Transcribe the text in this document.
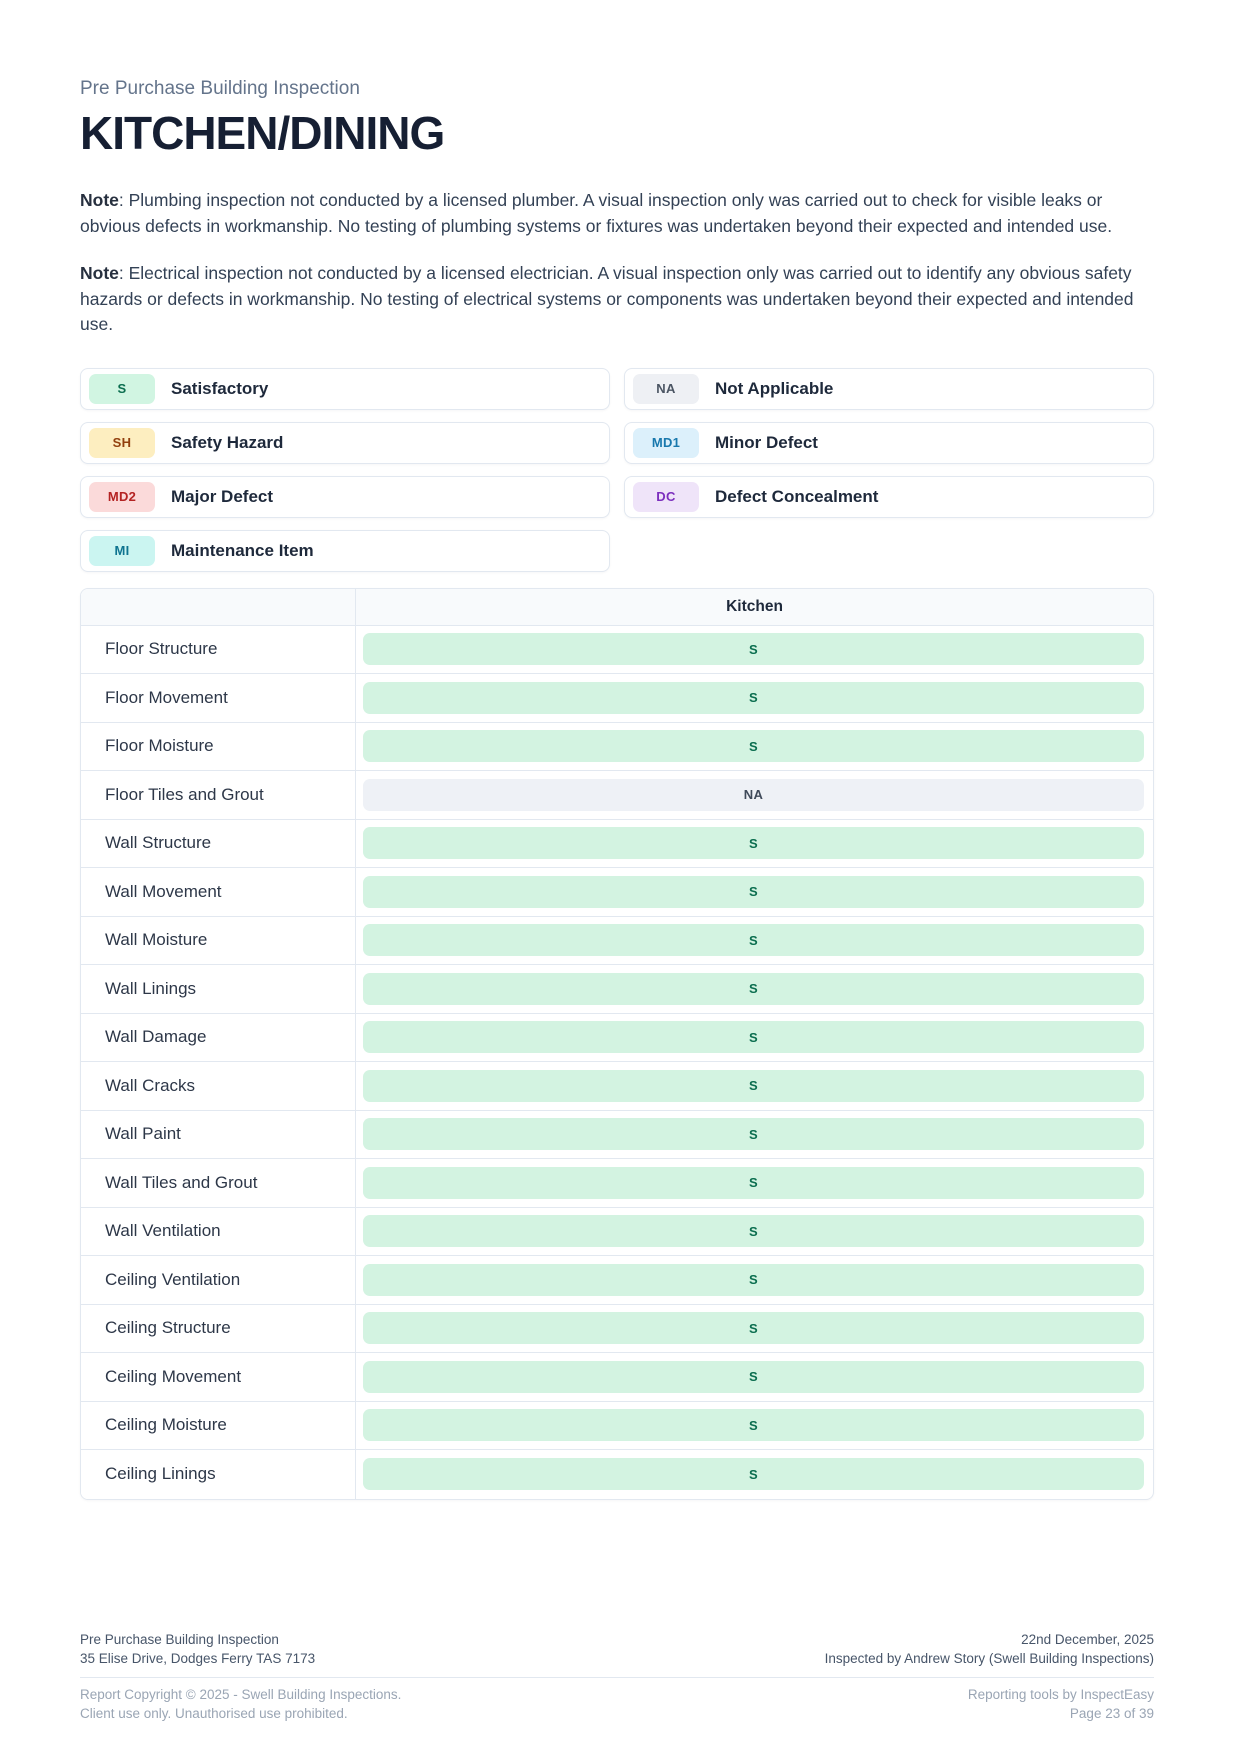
Pre Purchase Building Inspection
KITCHEN/DINING

Note: Plumbing inspection not conducted by a licensed plumber. A visual inspection only was carried out to check for visible leaks or obvious defects in workmanship. No testing of plumbing systems or fixtures was undertaken beyond their expected and intended use.

Note: Electrical inspection not conducted by a licensed electrician. A visual inspection only was carried out to identify any obvious safety hazards or defects in workmanship. No testing of electrical systems or components was undertaken beyond their expected and intended use.

S	Satisfactory	NA	Not Applicable
SH	Safety Hazard	MD1	Minor Defect
MD2	Major Defect	DC	Defect Concealment
MI	Maintenance Item
Kitchen
Floor Structure	S
Floor Movement	S
Floor Moisture	S
Floor Tiles and Grout	NA
Wall Structure	S
Wall Movement	S
Wall Moisture	S
Wall Linings	S
Wall Damage	S
Wall Cracks	S
Wall Paint	S
Wall Tiles and Grout	S
Wall Ventilation	S
Ceiling Ventilation	S
Ceiling Structure	S
Ceiling Movement	S
Ceiling Moisture	S
Ceiling Linings	S
Pre Purchase Building Inspection
35 Elise Drive, Dodges Ferry TAS 7173
22nd December, 2025
Inspected by Andrew Story (Swell Building Inspections)
Report Copyright © 2025 - Swell Building Inspections.
Client use only. Unauthorised use prohibited.
Reporting tools by InspectEasy
Page 23 of 39
